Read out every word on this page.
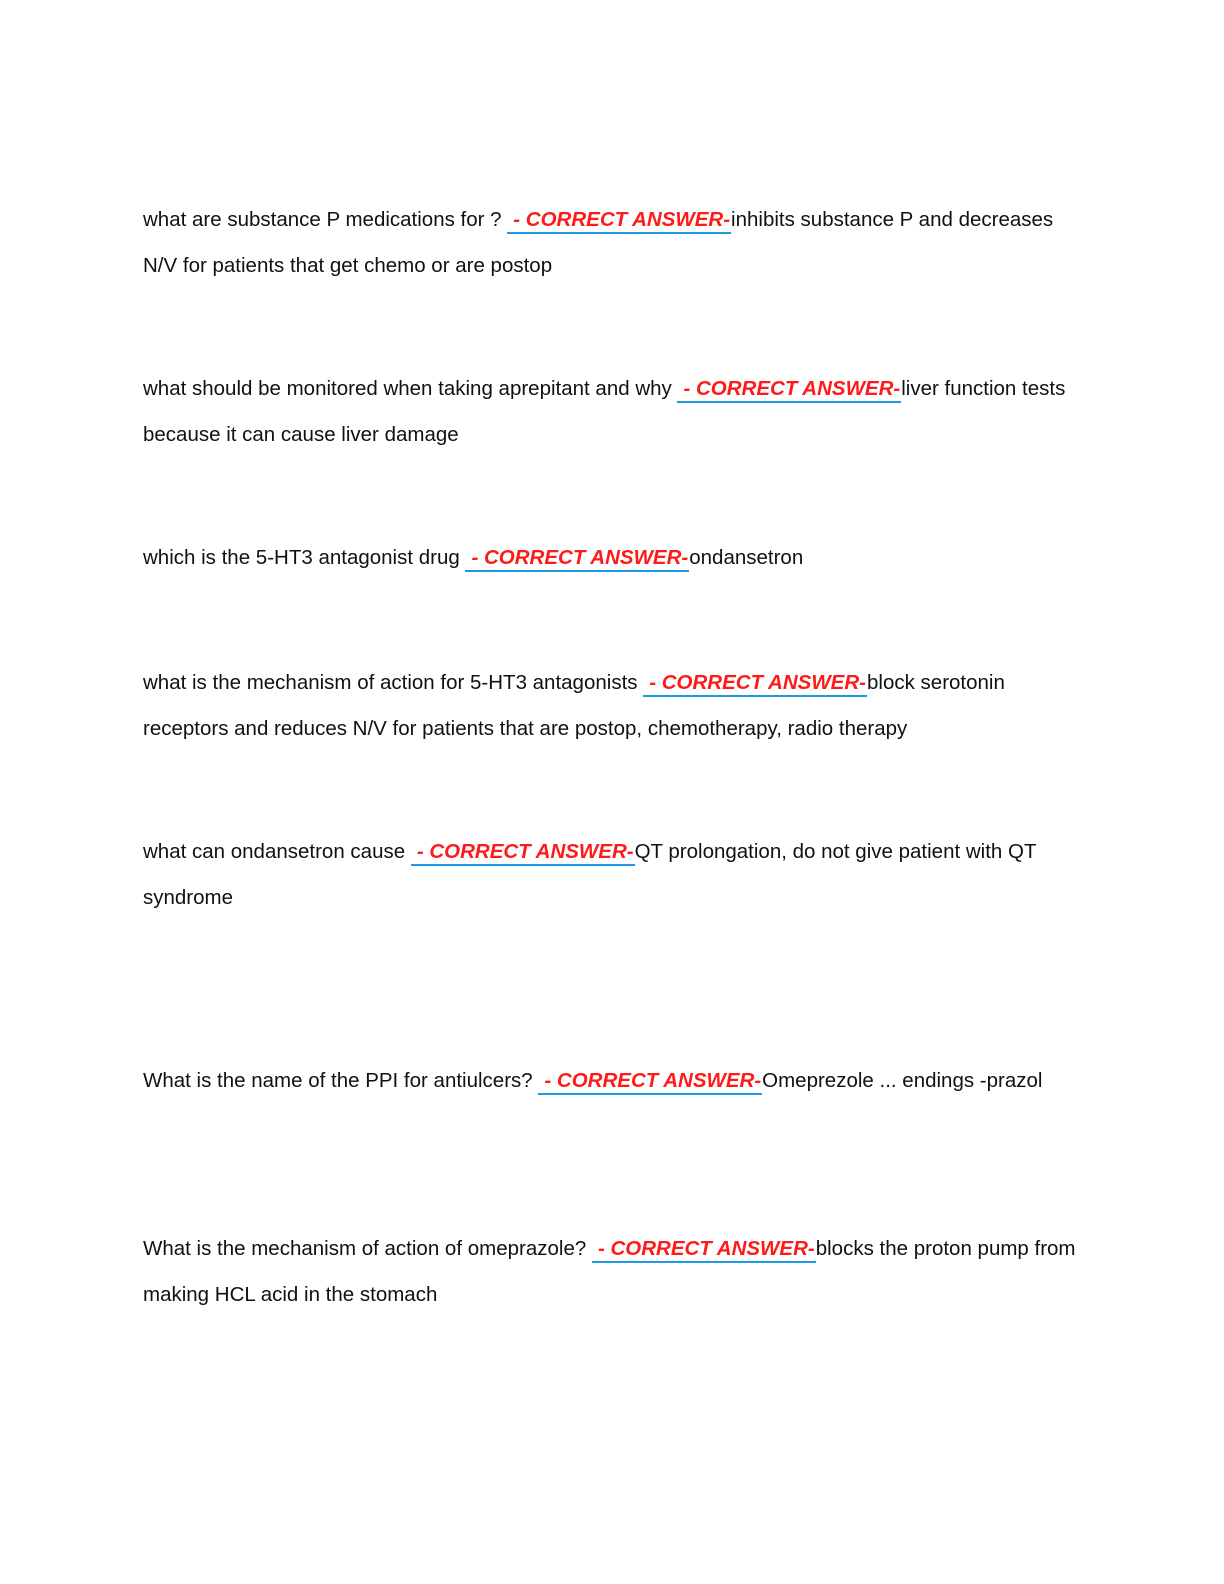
what are substance P medications for ? - CORRECT ANSWER-inhibits substance P and decreases N/V for patients that get chemo or are postop

what should be monitored when taking aprepitant and why - CORRECT ANSWER-liver function tests because it can cause liver damage

which is the 5-HT3 antagonist drug - CORRECT ANSWER-ondansetron

what is the mechanism of action for 5-HT3 antagonists - CORRECT ANSWER-block serotonin receptors and reduces N/V for patients that are postop, chemotherapy, radio therapy

what can ondansetron cause - CORRECT ANSWER-QT prolongation, do not give patient with QT syndrome

What is the name of the PPI for antiulcers? - CORRECT ANSWER-Omeprezole ... endings -prazol

What is the mechanism of action of omeprazole? - CORRECT ANSWER-blocks the proton pump from making HCL acid in the stomach
